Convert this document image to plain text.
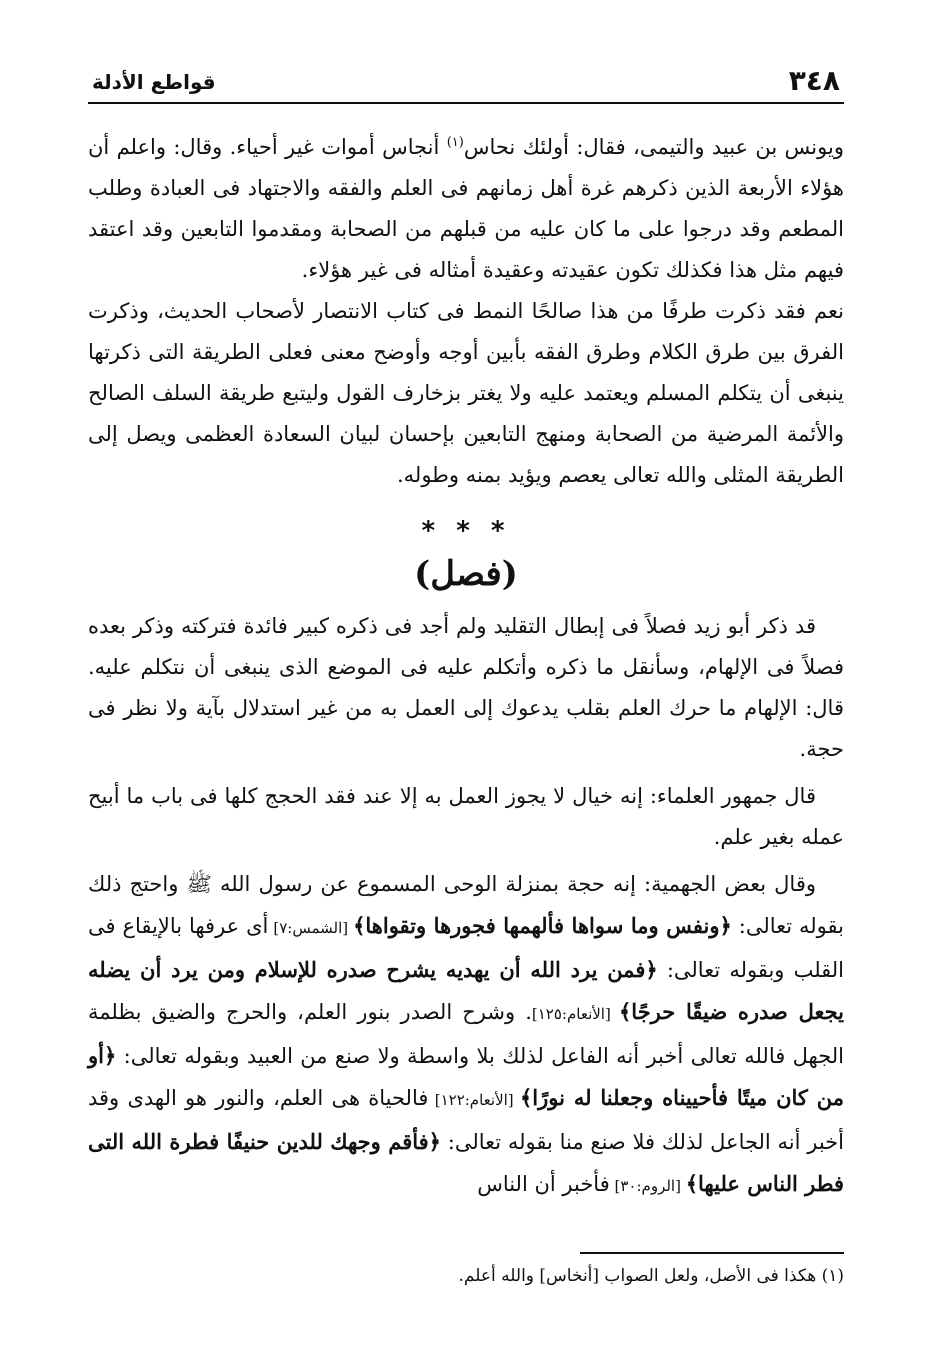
٣٤٨
قواطع الأدلة

ويونس بن عبيد والتيمى، فقال: أولئك نحاس$^{(١)}$ أنجاس أموات غير أحياء. وقال: واعلم أن هؤلاء الأربعة الذين ذكرهم غرة أهل زمانهم فى العلم والفقه والاجتهاد فى العبادة وطلب المطعم وقد درجوا على ما كان عليه من قبلهم من الصحابة ومقدموا التابعين وقد اعتقد فيهم مثل هذا فكذلك تكون عقيدته وعقيدة أمثاله فى غير هؤلاء.

نعم فقد ذكرت طرفًا من هذا صالحًا النمط فى كتاب الانتصار لأصحاب الحديث، وذكرت الفرق بين طرق الكلام وطرق الفقه بأبين أوجه وأوضح معنى فعلى الطريقة التى ذكرتها ينبغى أن يتكلم المسلم ويعتمد عليه ولا يغتر بزخارف القول وليتبع طريقة السلف الصالح والأئمة المرضية من الصحابة ومنهج التابعين بإحسان لبيان السعادة العظمى ويصل إلى الطريقة المثلى والله تعالى يعصم ويؤيد بمنه وطوله.

* * *
(فصل)

قد ذكر أبو زيد فصلاً فى إبطال التقليد ولم أجد فى ذكره كبير فائدة فتركته وذكر بعده فصلاً فى الإلهام، وسأنقل ما ذكره وأتكلم عليه فى الموضع الذى ينبغى أن نتكلم عليه. قال: الإلهام ما حرك العلم بقلب يدعوك إلى العمل به من غير استدلال بآية ولا نظر فى حجة.

قال جمهور العلماء: إنه خيال لا يجوز العمل به إلا عند فقد الحجج كلها فى باب ما أبيح عمله بغير علم.

وقال بعض الجهمية: إنه حجة بمنزلة الوحى المسموع عن رسول الله ﷺ واحتج ذلك بقوله تعالى: ﴿ونفس وما سواها فألهمها فجورها وتقواها﴾ [الشمس:٧] أى عرفها بالإيقاع فى القلب وبقوله تعالى: ﴿فمن يرد الله أن يهديه يشرح صدره للإسلام ومن يرد أن يضله يجعل صدره ضيقًا حرجًا﴾ [الأنعام:١٢٥]. وشرح الصدر بنور العلم، والحرج والضيق بظلمة الجهل فالله تعالى أخبر أنه الفاعل لذلك بلا واسطة ولا صنع من العبيد وبقوله تعالى: ﴿أو من كان ميتًا فأحييناه وجعلنا له نورًا﴾ [الأنعام:١٢٢] فالحياة هى العلم، والنور هو الهدى وقد أخبر أنه الجاعل لذلك فلا صنع منا بقوله تعالى: ﴿فأقم وجهك للدين حنيفًا فطرة الله التى فطر الناس عليها﴾ [الروم:٣٠] فأخبر أن الناس

(١) هكذا فى الأصل، ولعل الصواب [أنخاس] والله أعلم.
